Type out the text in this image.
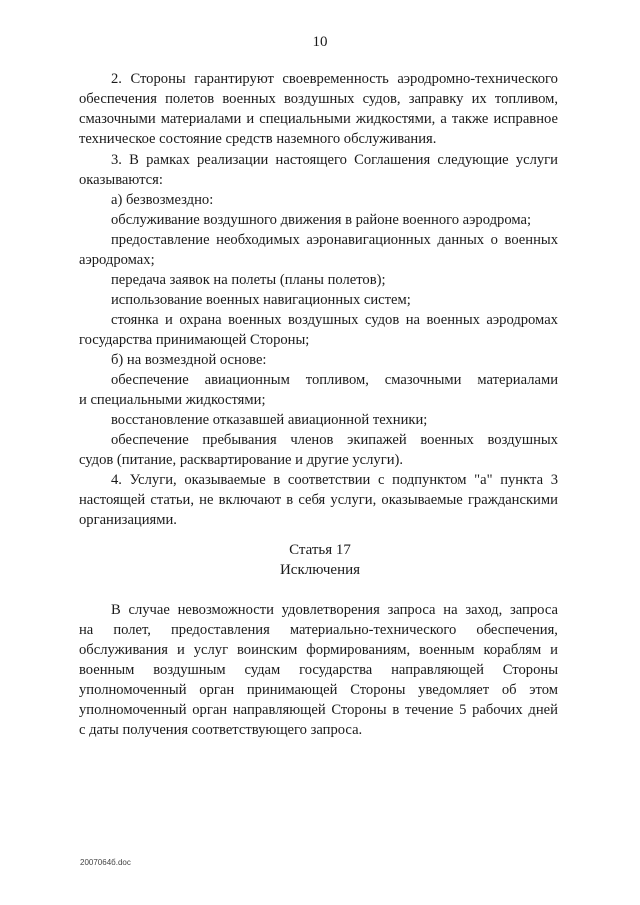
10
2. Стороны гарантируют своевременность аэродромно-технического
обеспечения полетов военных воздушных судов, заправку их топливом,
смазочными материалами и специальными жидкостями, а также исправное
техническое состояние средств наземного обслуживания.
3. В рамках реализации настоящего Соглашения следующие услуги
оказываются:
а) безвозмездно:
обслуживание воздушного движения в районе военного аэродрома;
предоставление необходимых аэронавигационных данных о военных
аэродромах;
передача заявок на полеты (планы полетов);
использование военных навигационных систем;
стоянка и охрана военных воздушных судов на военных аэродромах
государства принимающей Стороны;
б) на возмездной основе:
обеспечение авиационным топливом, смазочными материалами
и специальными жидкостями;
восстановление отказавшей авиационной техники;
обеспечение пребывания членов экипажей военных воздушных
судов (питание, расквартирование и другие услуги).
4. Услуги, оказываемые в соответствии с подпунктом "а" пункта 3
настоящей статьи, не включают в себя услуги, оказываемые гражданскими
организациями.
Статья 17
Исключения
В случае невозможности удовлетворения запроса на заход, запроса
на полет, предоставления материально-технического обеспечения,
обслуживания и услуг воинским формированиям, военным кораблям и
военным воздушным судам государства направляющей Стороны
уполномоченный орган принимающей Стороны уведомляет об этом
уполномоченный орган направляющей Стороны в течение 5 рабочих дней
с даты получения соответствующего запроса.
2007064б.doc
